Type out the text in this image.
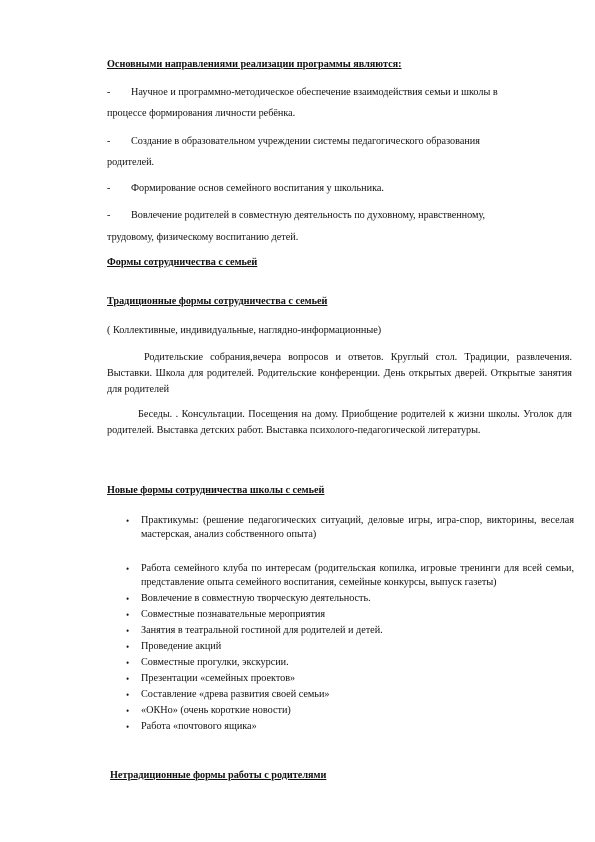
Основными направлениями реализации программы являются:
- Научное и программно-методическое обеспечение взаимодействия семьи и школы в
процессе формирования личности ребёнка.
- Создание в образовательном учреждении системы педагогического образования
родителей.
- Формирование основ семейного воспитания у школьника.
- Вовлечение родителей в совместную деятельность по духовному, нравственному,
трудовому, физическому воспитанию детей.
Формы сотрудничества с семьей
Традиционные формы сотрудничества с семьей
( Коллективные, индивидуальные, наглядно-информационные)
Родительские собрания,вечера вопросов и ответов. Круглый стол. Традиции, развлечения. Выставки. Школа для родителей. Родительские конференции. День открытых дверей. Открытые занятия для родителей
Беседы. . Консультации. Посещения на дому. Приобщение родителей к жизни школы. Уголок для родителей. Выставка детских работ. Выставка психолого-педагогической литературы.
Новые формы сотрудничества школы с семьей
• Практикумы: (решение педагогических ситуаций, деловые игры, игра-спор, викторины, веселая мастерская, анализ собственного опыта)
• Работа семейного клуба по интересам (родительская копилка, игровые тренинги для всей семьи, представление опыта семейного воспитания, семейные конкурсы, выпуск газеты)
• Вовлечение в совместную творческую деятельность.
• Совместные познавательные мероприятия
• Занятия в театральной гостиной для родителей и детей.
• Проведение акций
• Совместные прогулки, экскурсии.
• Презентации «семейных проектов»
• Составление «древа развития своей семьи»
• «ОКНо» (очень короткие новости)
• Работа «почтового ящика»
Нетрадиционные формы работы с родителями
